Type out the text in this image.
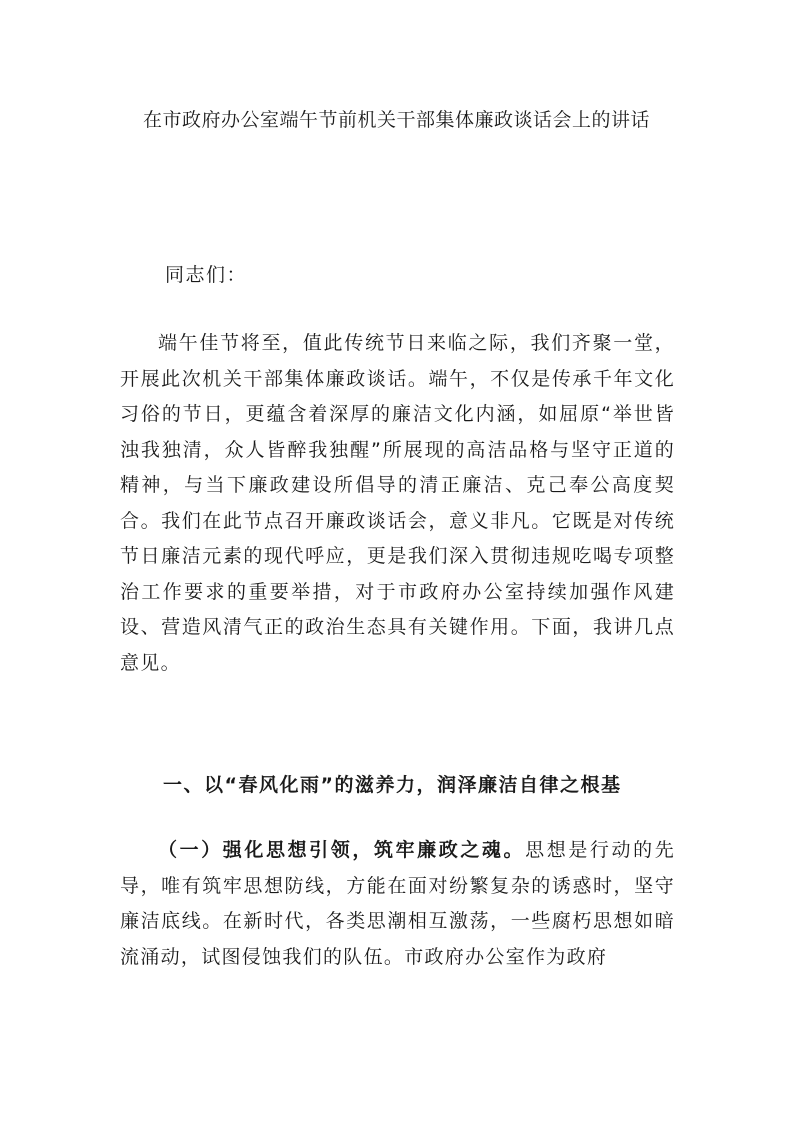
在市政府办公室端午节前机关干部集体廉政谈话会上的讲话
同志们：
端午佳节将至，值此传统节日来临之际，我们齐聚一堂，开展此次机关干部集体廉政谈话。端午，不仅是传承千年文化习俗的节日，更蕴含着深厚的廉洁文化内涵，如屈原“举世皆浊我独清，众人皆醉我独醒”所展现的高洁品格与坚守正道的精神，与当下廉政建设所倡导的清正廉洁、克己奉公高度契合。我们在此节点召开廉政谈话会，意义非凡。它既是对传统节日廉洁元素的现代呼应，更是我们深入贯彻违规吃喝专项整治工作要求的重要举措，对于市政府办公室持续加强作风建设、营造风清气正的政治生态具有关键作用。下面，我讲几点意见。
一、以“春风化雨”的滋养力，润泽廉洁自律之根基
（一）强化思想引领，筑牢廉政之魂。思想是行动的先导，唯有筑牢思想防线，方能在面对纷繁复杂的诱惑时，坚守廉洁底线。在新时代，各类思潮相互激荡，一些腐朽思想如暗流涌动，试图侵蚀我们的队伍。市政府办公室作为政府
